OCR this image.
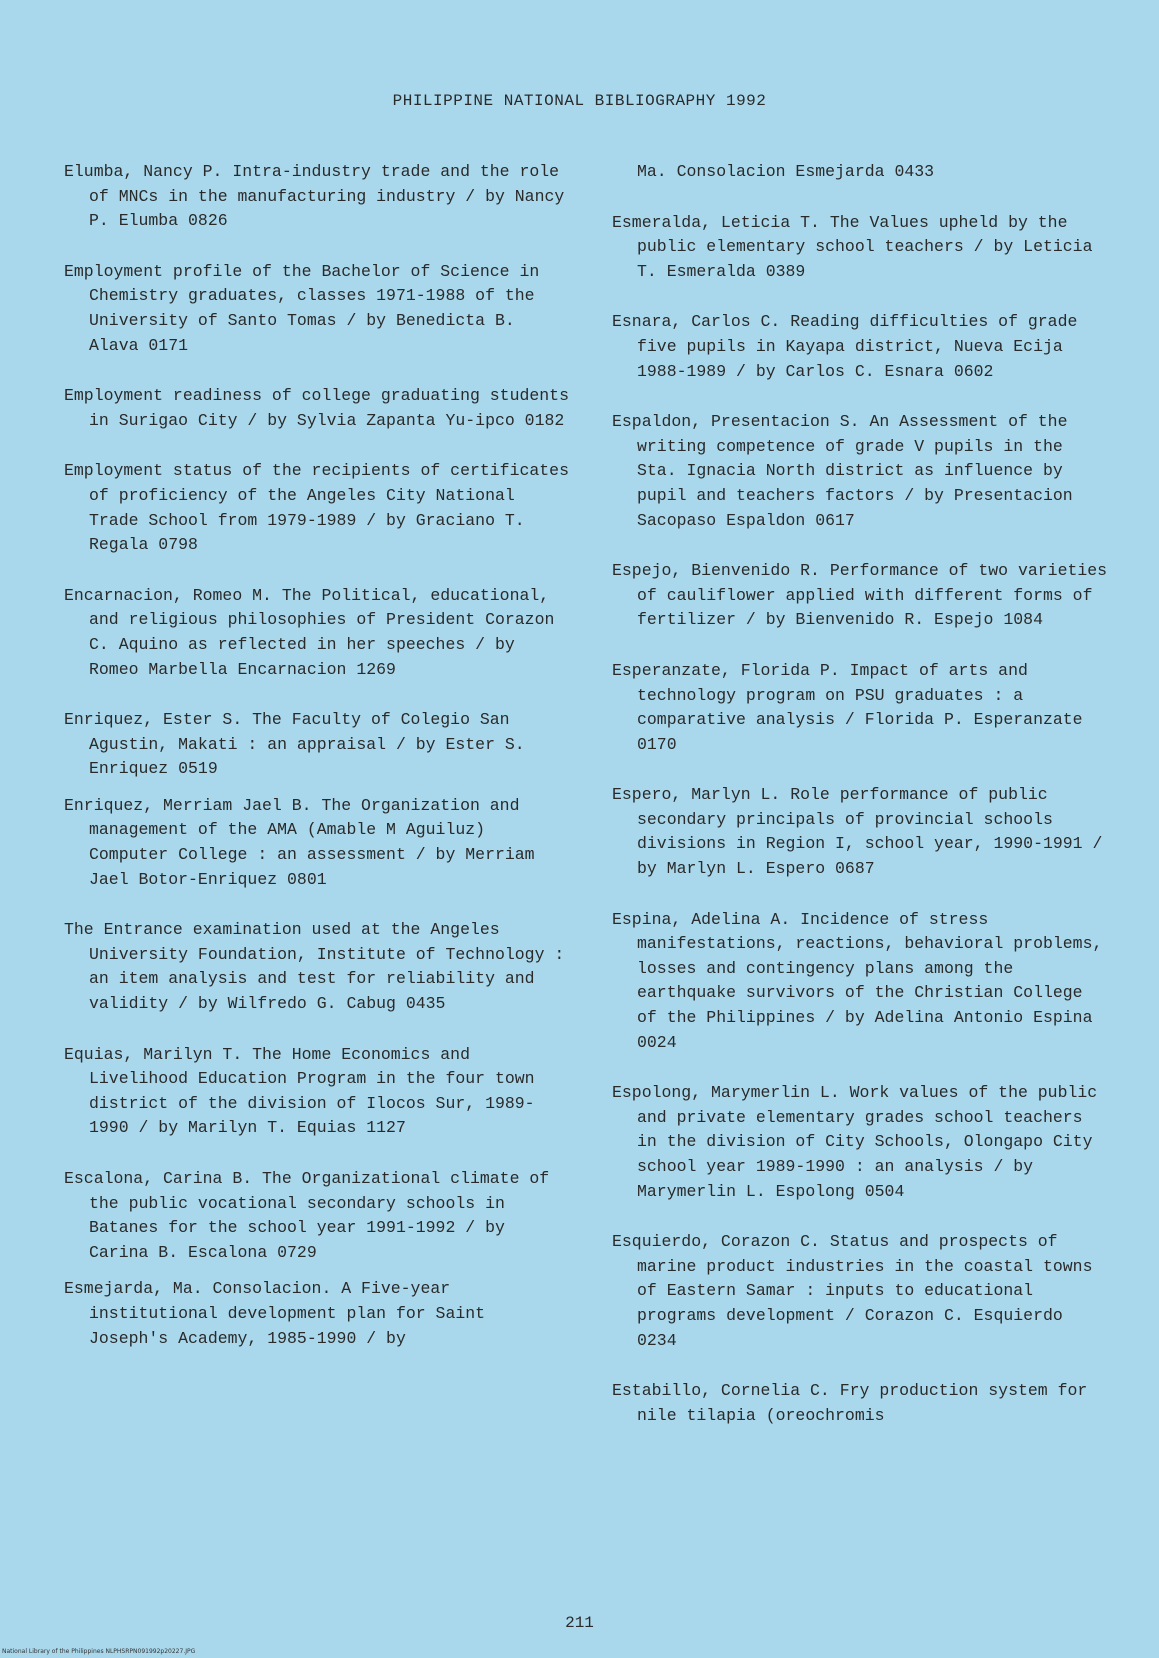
PHILIPPINE NATIONAL BIBLIOGRAPHY 1992

Elumba, Nancy P. Intra-industry trade and the role of MNCs in the manufacturing industry / by Nancy P. Elumba 0826

Employment profile of the Bachelor of Science in Chemistry graduates, classes 1971-1988 of the University of Santo Tomas / by Benedicta B. Alava 0171

Employment readiness of college graduating students in Surigao City / by Sylvia Zapanta Yu-ipco 0182

Employment status of the recipients of certificates of proficiency of the Angeles City National Trade School from 1979-1989 / by Graciano T. Regala 0798

Encarnacion, Romeo M. The Political, educational, and religious philosophies of President Corazon C. Aquino as reflected in her speeches / by Romeo Marbella Encarnacion 1269

Enriquez, Ester S. The Faculty of Colegio San Agustin, Makati : an appraisal / by Ester S. Enriquez 0519

Enriquez, Merriam Jael B. The Organization and management of the AMA (Amable M Aguiluz) Computer College : an assessment / by Merriam Jael Botor-Enriquez 0801

The Entrance examination used at the Angeles University Foundation, Institute of Technology : an item analysis and test for reliability and validity / by Wilfredo G. Cabug 0435

Equias, Marilyn T. The Home Economics and Livelihood Education Program in the four town district of the division of Ilocos Sur, 1989-1990 / by Marilyn T. Equias 1127

Escalona, Carina B. The Organizational climate of the public vocational secondary schools in Batanes for the school year 1991-1992 / by Carina B. Escalona 0729

Esmejarda, Ma. Consolacion. A Five-year institutional development plan for Saint Joseph's Academy, 1985-1990 / by

Ma. Consolacion Esmejarda 0433

Esmeralda, Leticia T. The Values upheld by the public elementary school teachers / by Leticia T. Esmeralda 0389

Esnara, Carlos C. Reading difficulties of grade five pupils in Kayapa district, Nueva Ecija 1988-1989 / by Carlos C. Esnara 0602

Espaldon, Presentacion S. An Assessment of the writing competence of grade V pupils in the Sta. Ignacia North district as influence by pupil and teachers factors / by Presentacion Sacopaso Espaldon 0617

Espejo, Bienvenido R. Performance of two varieties of cauliflower applied with different forms of fertilizer / by Bienvenido R. Espejo 1084

Esperanzate, Florida P. Impact of arts and technology program on PSU graduates : a comparative analysis / Florida P. Esperanzate 0170

Espero, Marlyn L. Role performance of public secondary principals of provincial schools divisions in Region I, school year, 1990-1991 / by Marlyn L. Espero 0687

Espina, Adelina A. Incidence of stress manifestations, reactions, behavioral problems, losses and contingency plans among the earthquake survivors of the Christian College of the Philippines / by Adelina Antonio Espina 0024

Espolong, Marymerlin L. Work values of the public and private elementary grades school teachers in the division of City Schools, Olongapo City school year 1989-1990 : an analysis / by Marymerlin L. Espolong 0504

Esquierdo, Corazon C. Status and prospects of marine product industries in the coastal towns of Eastern Samar : inputs to educational programs development / Corazon C. Esquierdo 0234

Estabillo, Cornelia C. Fry production system for nile tilapia (oreochromis

211
National Library of the Philippines NLPHSRPN091992p20227.JPG
